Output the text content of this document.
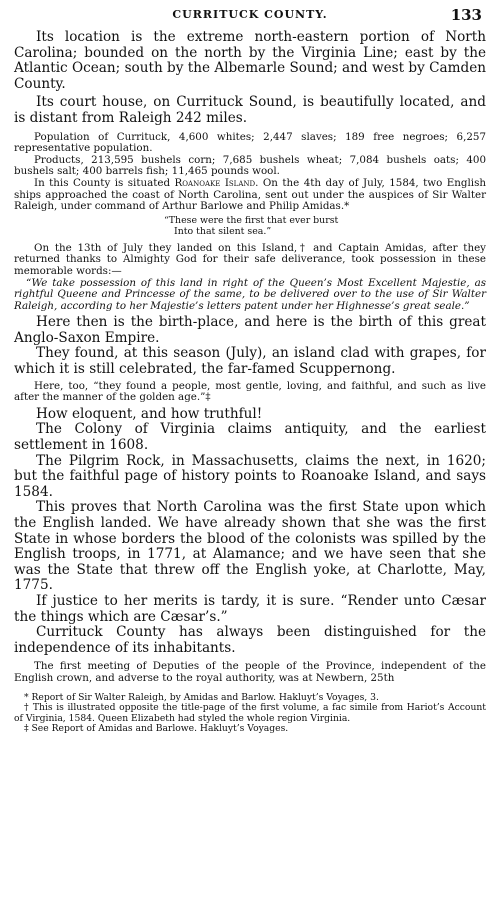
CURRITUCK COUNTY.	133

Its location is the extreme north-eastern portion of North Carolina; bounded on the north by the Virginia Line; east by the Atlantic Ocean; south by the Albemarle Sound; and west by Camden County.

Its court house, on Currituck Sound, is beautifully located, and is distant from Raleigh 242 miles.

Population of Currituck, 4,600 whites; 2,447 slaves; 189 free negroes; 6,257 representative population.

Products, 213,595 bushels corn; 7,685 bushels wheat; 7,084 bushels oats; 400 bushels salt; 400 barrels fish; 11,465 pounds wool.

In this County is situated Roanoake Island. On the 4th day of July, 1584, two English ships approached the coast of North Carolina, sent out under the auspices of Sir Walter Raleigh, under command of Arthur Barlowe and Philip Amidas.*

“These were the first that ever burst
Into that silent sea.”

On the 13th of July they landed on this Island,† and Captain Amidas, after they returned thanks to Almighty God for their safe deliverance, took possession in these memorable words:—

“We take possession of this land in right of the Queen’s Most Excellent Majestie, as rightful Queene and Princesse of the same, to be delivered over to the use of Sir Walter Raleigh, according to her Majestie’s letters patent under her Highnesse’s great seale.”

Here then is the birth-place, and here is the birth of this great Anglo-Saxon Empire.

They found, at this season (July), an island clad with grapes, for which it is still celebrated, the far-famed Scuppernong.

Here, too, “they found a people, most gentle, loving, and faithful, and such as live after the manner of the golden age.”‡

How eloquent, and how truthful!

The Colony of Virginia claims antiquity, and the earliest settlement in 1608.

The Pilgrim Rock, in Massachusetts, claims the next, in 1620; but the faithful page of history points to Roanoake Island, and says 1584.

This proves that North Carolina was the first State upon which the English landed. We have already shown that she was the first State in whose borders the blood of the colonists was spilled by the English troops, in 1771, at Alamance; and we have seen that she was the State that threw off the English yoke, at Charlotte, May, 1775.

If justice to her merits is tardy, it is sure. “Render unto Cæsar the things which are Cæsar’s.”

Currituck County has always been distinguished for the independence of its inhabitants.

The first meeting of Deputies of the people of the Province, independent of the English crown, and adverse to the royal authority, was at Newbern, 25th

* Report of Sir Walter Raleigh, by Amidas and Barlow. Hakluyt’s Voyages, 3.

† This is illustrated opposite the title-page of the first volume, a fac simile from Hariot’s Account of Virginia, 1584. Queen Elizabeth had styled the whole region Virginia.

‡ See Report of Amidas and Barlowe. Hakluyt’s Voyages.
